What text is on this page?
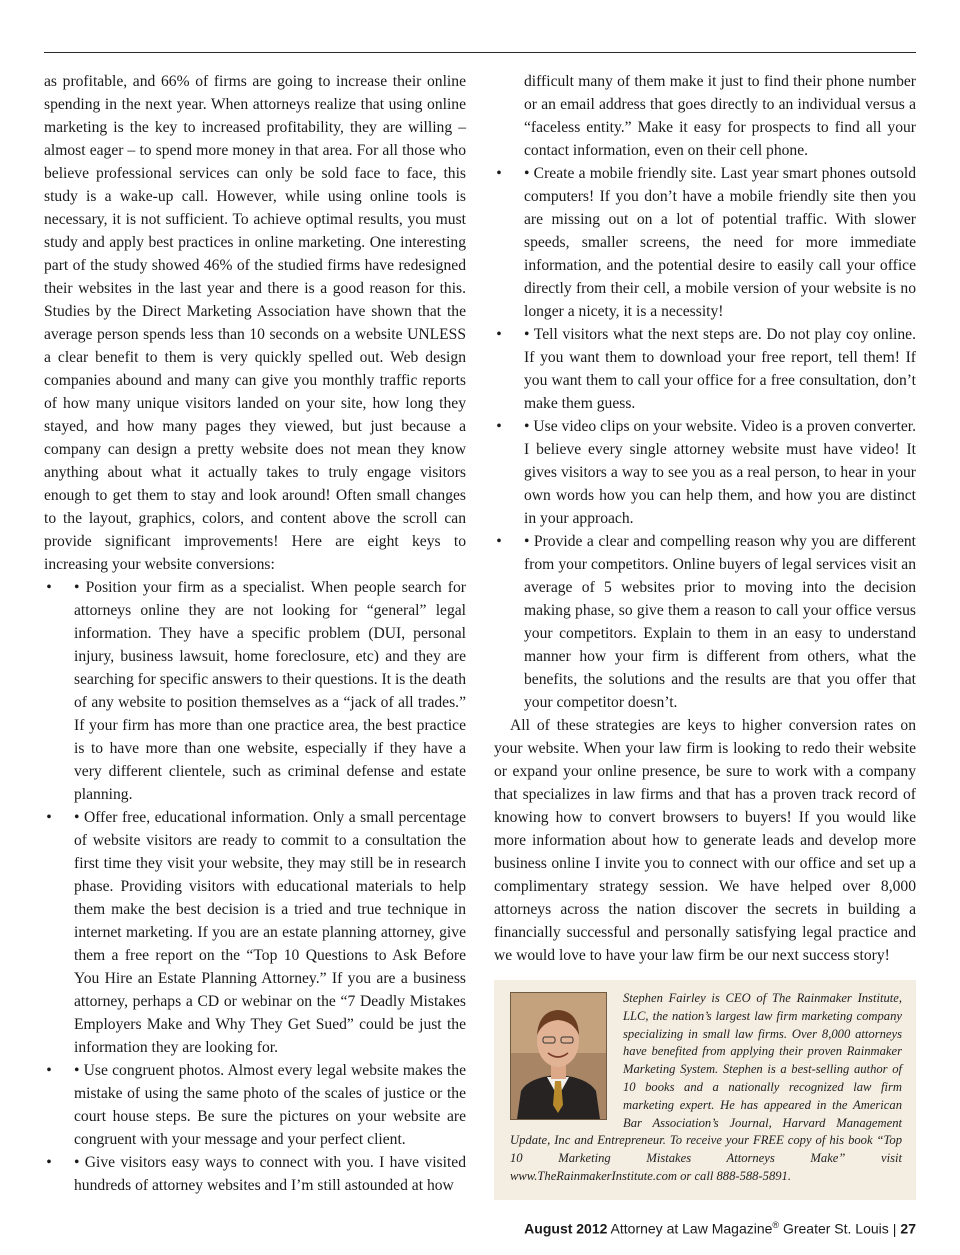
as profitable, and 66% of firms are going to increase their online spending in the next year. When attorneys realize that using online marketing is the key to increased profitability, they are willing – almost eager – to spend more money in that area. For all those who believe professional services can only be sold face to face, this study is a wake-up call. However, while using online tools is necessary, it is not sufficient. To achieve optimal results, you must study and apply best practices in online marketing. One interesting part of the study showed 46% of the studied firms have redesigned their websites in the last year and there is a good reason for this. Studies by the Direct Marketing Association have shown that the average person spends less than 10 seconds on a website UNLESS a clear benefit to them is very quickly spelled out. Web design companies abound and many can give you monthly traffic reports of how many unique visitors landed on your site, how long they stayed, and how many pages they viewed, but just because a company can design a pretty website does not mean they know anything about what it actually takes to truly engage visitors enough to get them to stay and look around! Often small changes to the layout, graphics, colors, and content above the scroll can provide significant improvements! Here are eight keys to increasing your website conversions:

• • Position your firm as a specialist. When people search for attorneys online they are not looking for “general” legal information. They have a specific problem (DUI, personal injury, business lawsuit, home foreclosure, etc) and they are searching for specific answers to their questions. It is the death of any website to position themselves as a “jack of all trades.” If your firm has more than one practice area, the best practice is to have more than one website, especially if they have a very different clientele, such as criminal defense and estate planning.
• • Offer free, educational information. Only a small percentage of website visitors are ready to commit to a consultation the first time they visit your website, they may still be in research phase. Providing visitors with educational materials to help them make the best decision is a tried and true technique in internet marketing. If you are an estate planning attorney, give them a free report on the “Top 10 Questions to Ask Before You Hire an Estate Planning Attorney.” If you are a business attorney, perhaps a CD or webinar on the “7 Deadly Mistakes Employers Make and Why They Get Sued” could be just the information they are looking for.
• • Use congruent photos. Almost every legal website makes the mistake of using the same photo of the scales of justice or the court house steps. Be sure the pictures on your website are congruent with your message and your perfect client.
• • Give visitors easy ways to connect with you. I have visited hundreds of attorney websites and I’m still astounded at how

difficult many of them make it just to find their phone number or an email address that goes directly to an individual versus a “faceless entity.” Make it easy for prospects to find all your contact information, even on their cell phone.

• • Create a mobile friendly site. Last year smart phones outsold computers! If you don’t have a mobile friendly site then you are missing out on a lot of potential traffic. With slower speeds, smaller screens, the need for more immediate information, and the potential desire to easily call your office directly from their cell, a mobile version of your website is no longer a nicety, it is a necessity!
• • Tell visitors what the next steps are. Do not play coy online. If you want them to download your free report, tell them! If you want them to call your office for a free consultation, don’t make them guess.
• • Use video clips on your website. Video is a proven converter. I believe every single attorney website must have video! It gives visitors a way to see you as a real person, to hear in your own words how you can help them, and how you are distinct in your approach.
• • Provide a clear and compelling reason why you are different from your competitors. Online buyers of legal services visit an average of 5 websites prior to moving into the decision making phase, so give them a reason to call your office versus your competitors. Explain to them in an easy to understand manner how your firm is different from others, what the benefits, the solutions and the results are that you offer that your competitor doesn’t.

All of these strategies are keys to higher conversion rates on your website. When your law firm is looking to redo their website or expand your online presence, be sure to work with a company that specializes in law firms and that has a proven track record of knowing how to convert browsers to buyers! If you would like more information about how to generate leads and develop more business online I invite you to connect with our office and set up a complimentary strategy session. We have helped over 8,000 attorneys across the nation discover the secrets in building a financially successful and personally satisfying legal practice and we would love to have your law firm be our next success story!

Stephen Fairley is CEO of The Rainmaker Institute, LLC, the nation’s largest law firm marketing company specializing in small law firms. Over 8,000 attorneys have benefited from applying their proven Rainmaker Marketing System. Stephen is a best-selling author of 10 books and a nationally recognized law firm marketing expert. He has appeared in the American Bar Association’s Journal, Harvard Management Update, Inc and Entrepreneur. To receive your FREE copy of his book “Top 10 Marketing Mistakes Attorneys Make” visit www.TheRainmakerInstitute.com or call 888-588-5891.
August 2012 Attorney at Law Magazine® Greater St. Louis | 27
